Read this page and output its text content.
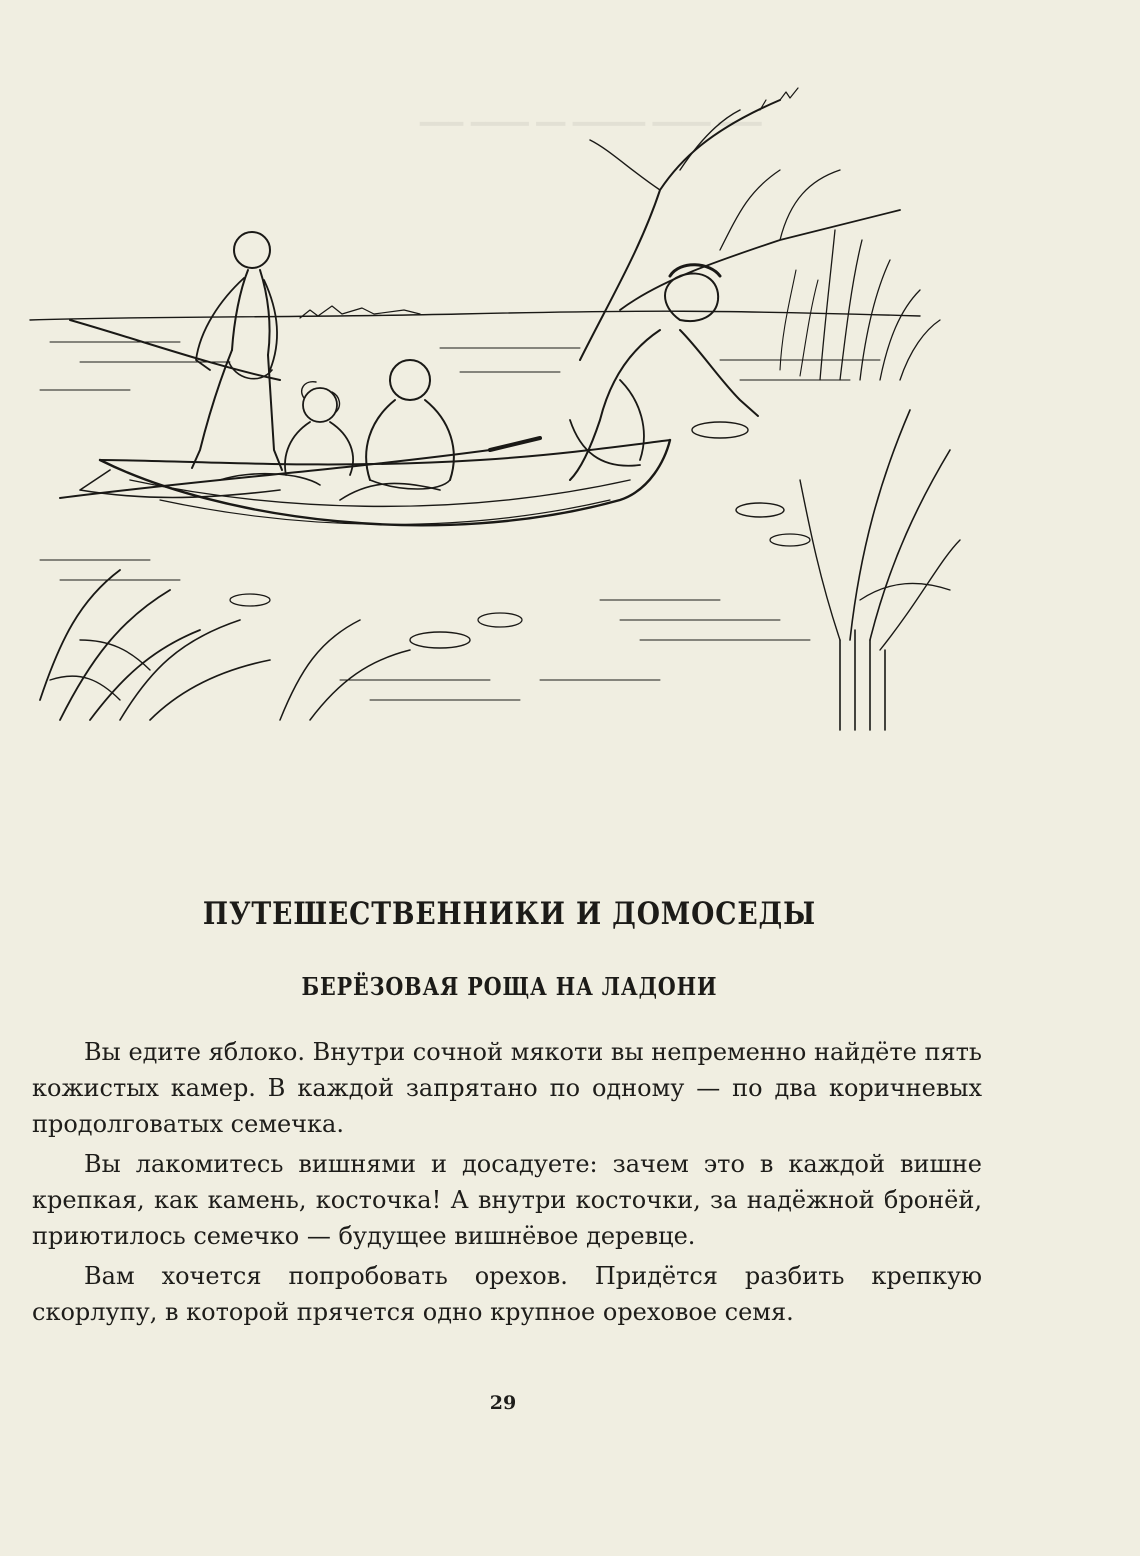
━━━ ━━━━ ━━ ━━━━━ ━━━━ ━━━
ПУТЕШЕСТВЕННИКИ И ДОМОСЕДЫ
БЕРЁЗОВАЯ РОЩА НА ЛАДОНИ

Вы едите яблоко. Внутри сочной мякоти вы непременно найдёте пять кожистых камер. В каждой запрятано по одному — по два коричневых продолговатых семечка.

Вы лакомитесь вишнями и досадуете: зачем это в каждой вишне крепкая, как камень, косточка! А внутри косточки, за надёжной бронёй, приютилось семечко — будущее вишнёвое деревце.

Вам хочется попробовать орехов. Придётся разбить крепкую скорлупу, в которой прячется одно крупное ореховое семя.

29
